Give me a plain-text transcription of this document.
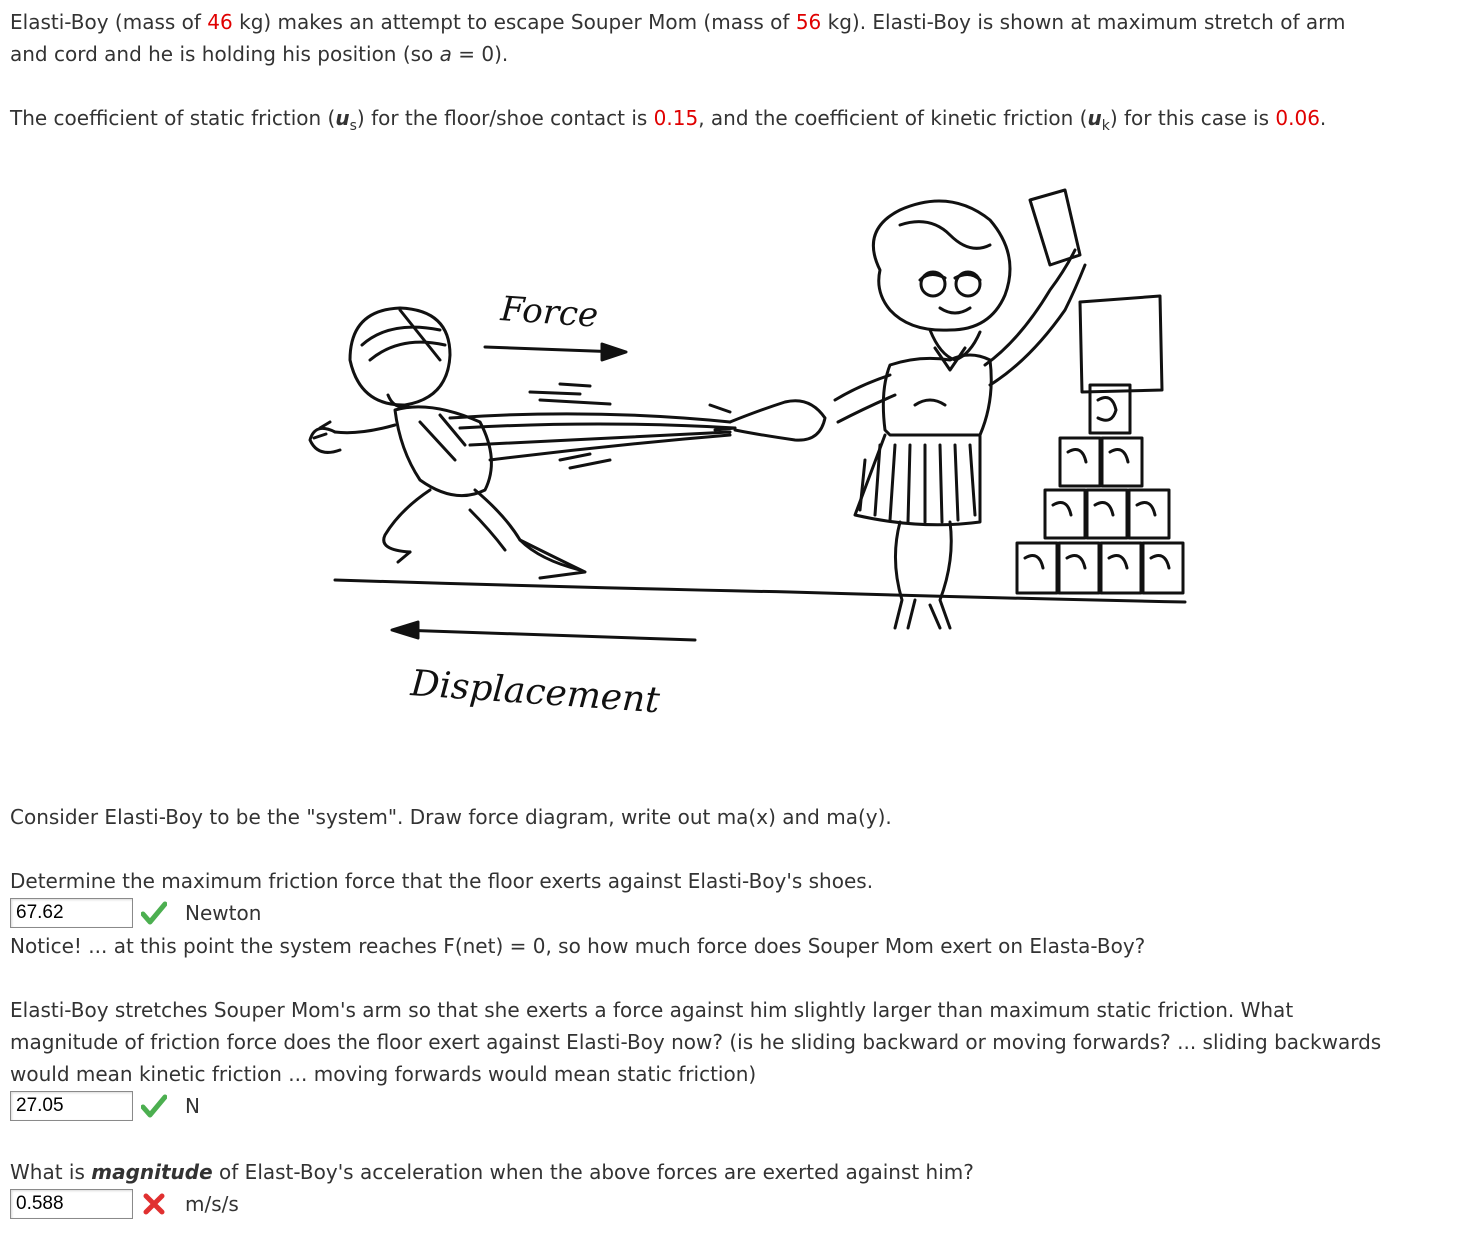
Elasti-Boy (mass of 46 kg) makes an attempt to escape Souper Mom (mass of 56 kg). Elasti-Boy is shown at maximum stretch of arm

and cord and he is holding his position (so a = 0).

The coefficient of static friction $(u_s)$ for the floor/shoe contact is 0.15, and the coefficient of kinetic friction $(u_k)$ for this case is 0.06.

Force
Displacement

Consider Elasti-Boy to be the "system". Draw force diagram, write out ma(x) and ma(y).

Determine the maximum friction force that the floor exerts against Elasti-Boy's shoes.

67.62	Newton

Notice! ... at this point the system reaches F(net) = 0, so how much force does Souper Mom exert on Elasta-Boy?

Elasti-Boy stretches Souper Mom's arm so that she exerts a force against him slightly larger than maximum static friction. What

magnitude of friction force does the floor exert against Elasti-Boy now? (is he sliding backward or moving forwards? ... sliding backwards

would mean kinetic friction ... moving forwards would mean static friction)

27.05	N

What is magnitude of Elast-Boy's acceleration when the above forces are exerted against him?

0.588	m/s/s
